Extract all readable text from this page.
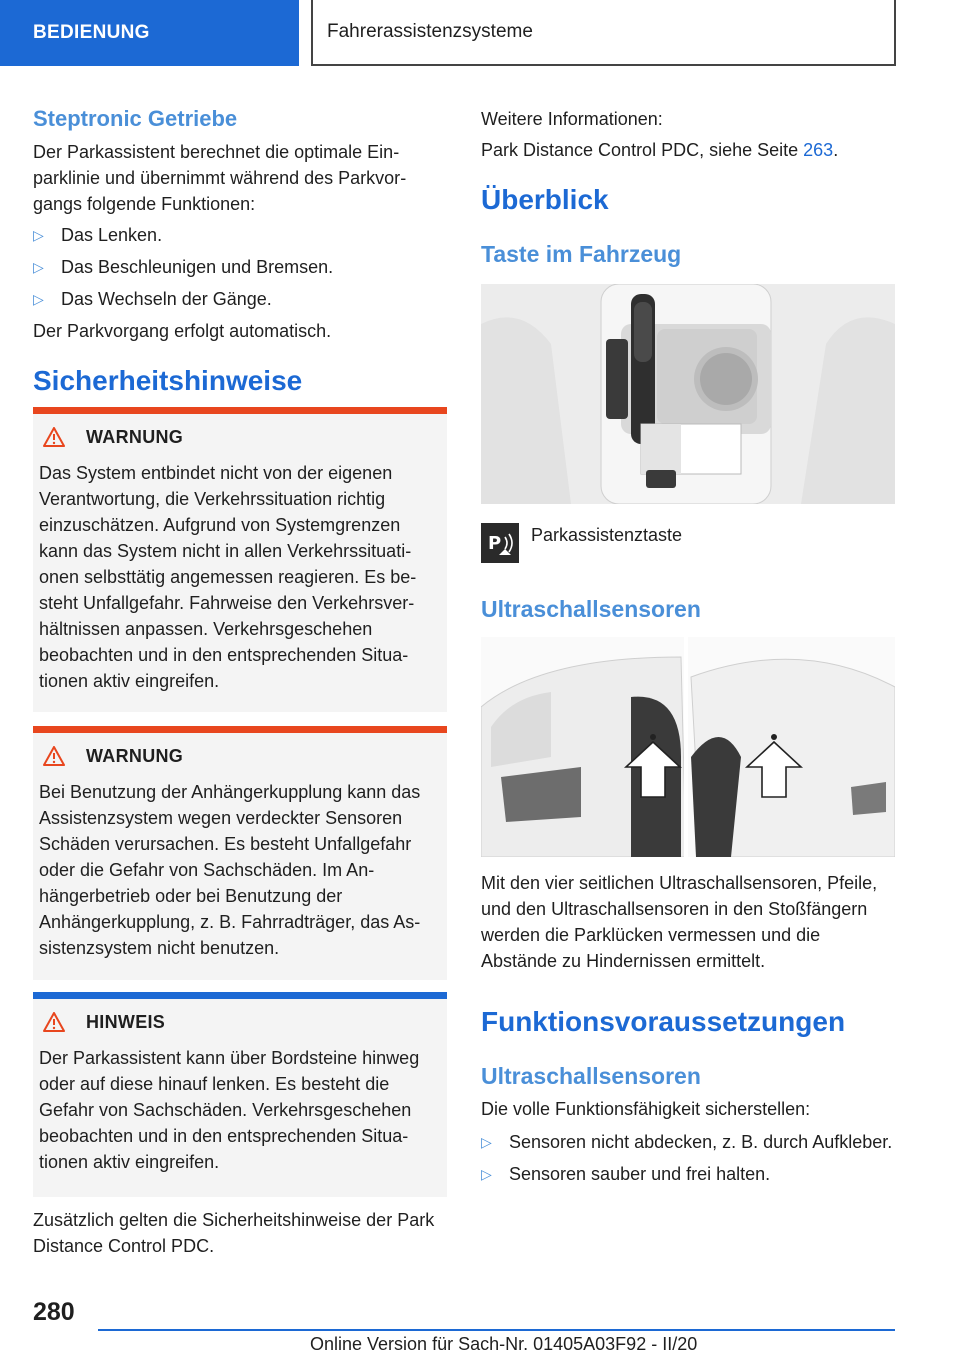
BEDIENUNG	Fahrerassistenzsysteme
Steptronic Getriebe

Der Parkassistent berechnet die optimale Einparklinie und übernimmt während des Parkvorgangs folgende Funktionen:

▷ Das Lenken.
▷ Das Beschleunigen und Bremsen.
▷ Das Wechseln der Gänge.

Der Parkvorgang erfolgt automatisch.

Sicherheitshinweise
WARNUNG

Das System entbindet nicht von der eigenen Verantwortung, die Verkehrssituation richtig einzuschätzen. Aufgrund von Systemgrenzen kann das System nicht in allen Verkehrssituationen selbsttätig angemessen reagieren. Es besteht Unfallgefahr. Fahrweise den Verkehrsverhältnissen anpassen. Verkehrsgeschehen beobachten und in den entsprechenden Situationen aktiv eingreifen.

WARNUNG

Bei Benutzung der Anhängerkupplung kann das Assistenzsystem wegen verdeckter Sensoren Schäden verursachen. Es besteht Unfallgefahr oder die Gefahr von Sachschäden. Im Anhängerbetrieb oder bei Benutzung der Anhängerkupplung, z. B. Fahrradträger, das Assistenzsystem nicht benutzen.

HINWEIS

Der Parkassistent kann über Bordsteine hinweg oder auf diese hinauf lenken. Es besteht die Gefahr von Sachschäden. Verkehrsgeschehen beobachten und in den entsprechenden Situationen aktiv eingreifen.

Zusätzlich gelten die Sicherheitshinweise der Park Distance Control PDC.

Weitere Informationen:

Park Distance Control PDC, siehe Seite 263.

Überblick
Taste im Fahrzeug
P Parkassistenztaste

Ultraschallsensoren

Mit den vier seitlichen Ultraschallsensoren, Pfeile, und den Ultraschallsensoren in den Stoßfängern werden die Parklücken vermessen und die Abstände zu Hindernissen ermittelt.

Funktionsvoraussetzungen
Ultraschallsensoren

Die volle Funktionsfähigkeit sicherstellen:

▷ Sensoren nicht abdecken, z. B. durch Aufkleber.
▷ Sensoren sauber und frei halten.
280
Online Version für Sach-Nr. 01405A03F92 - II/20
